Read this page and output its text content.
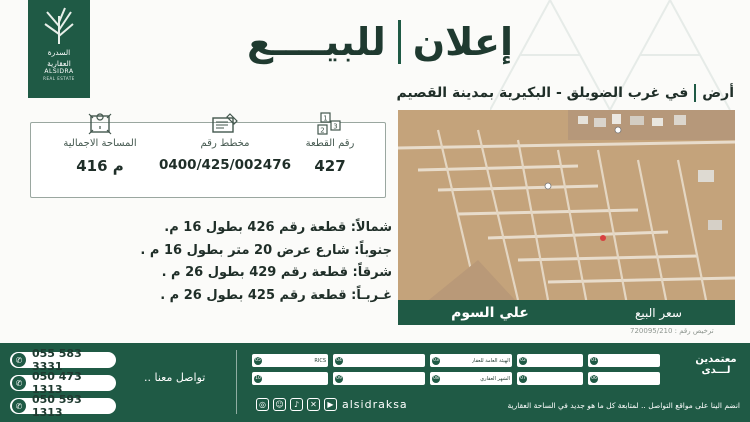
السدرة
العقارية
ALSIDRA
REAL ESTATE
إعلان
للبيــــع
أرض
في غرب الضويلق - البكيرية بمدينة القصيم
المساحة الاجمالية
416 م
مخطط رقم
0400/425/002476
1
2 3
رقم القطعة
427
شمالاً: قطعة رقم 426 بطول 16 م.
جنوباً: شارع عرض 20 متر بطول 16 م .
شرقاً: قطعة رقم 429 بطول 26 م .
غـربـاً: قطعة رقم 425 بطول 26 م .
سعر البيع
علي السوم
ترخيص رقم : 720095/210
✆ 055 583 3331
✆ 050 473 1313
✆ 050 593 1313
تواصل معنا ..
05	RICS 04	03	الهيئة العامة للعقار 02	01
10	09	08	الشهر العقاري 07	06
معتمدين
لـــدى
◎	☺	♪	✕	▶ alsidraksa	انضم الينا على مواقع التواصل .. لمتابعة كل ما هو جديد في الساحة العقارية
